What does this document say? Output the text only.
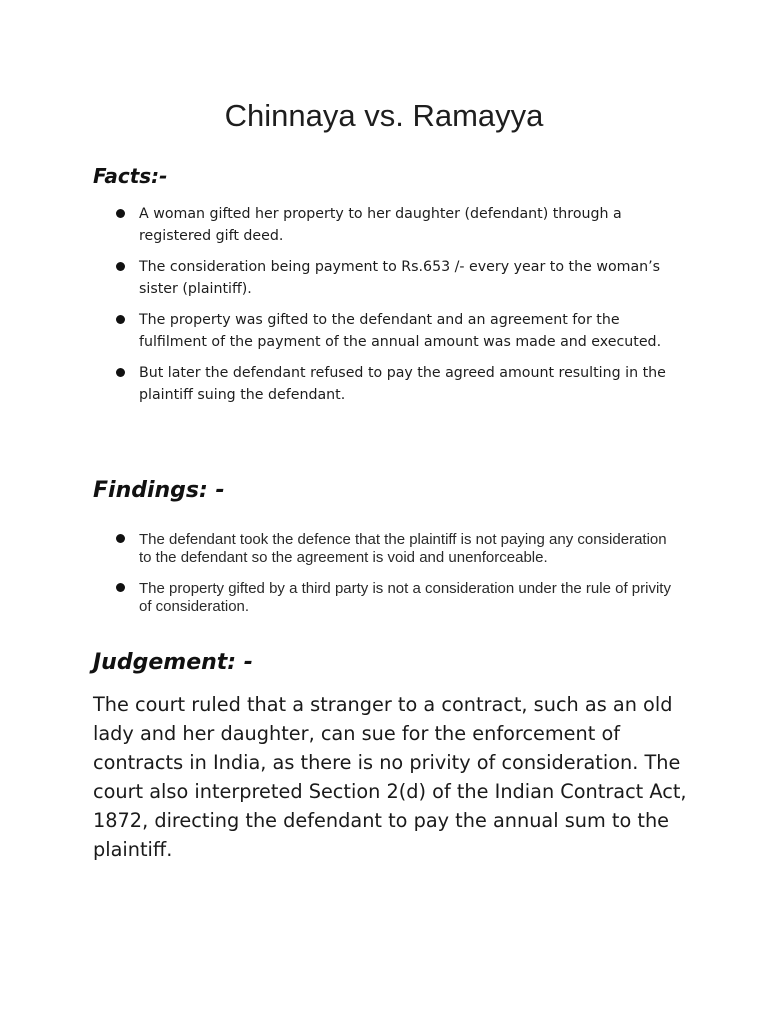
Chinnaya vs. Ramayya
Facts:-
A woman gifted her property to her daughter (defendant) through a registered gift deed.
The consideration being payment to Rs.653 /- every year to the woman’s sister (plaintiff).
The property was gifted to the defendant and an agreement for the fulfilment of the payment of the annual amount was made and executed.
But later the defendant refused to pay the agreed amount resulting in the plaintiff suing the defendant.
Findings: -
The defendant took the defence that the plaintiff is not paying any consideration to the defendant so the agreement is void and unenforceable.
The property gifted by a third party is not a consideration under the rule of privity of consideration.
Judgement: -

The court ruled that a stranger to a contract, such as an old lady and her daughter, can sue for the enforcement of contracts in India, as there is no privity of consideration. The court also interpreted Section 2(d) of the Indian Contract Act, 1872, directing the defendant to pay the annual sum to the plaintiff.
